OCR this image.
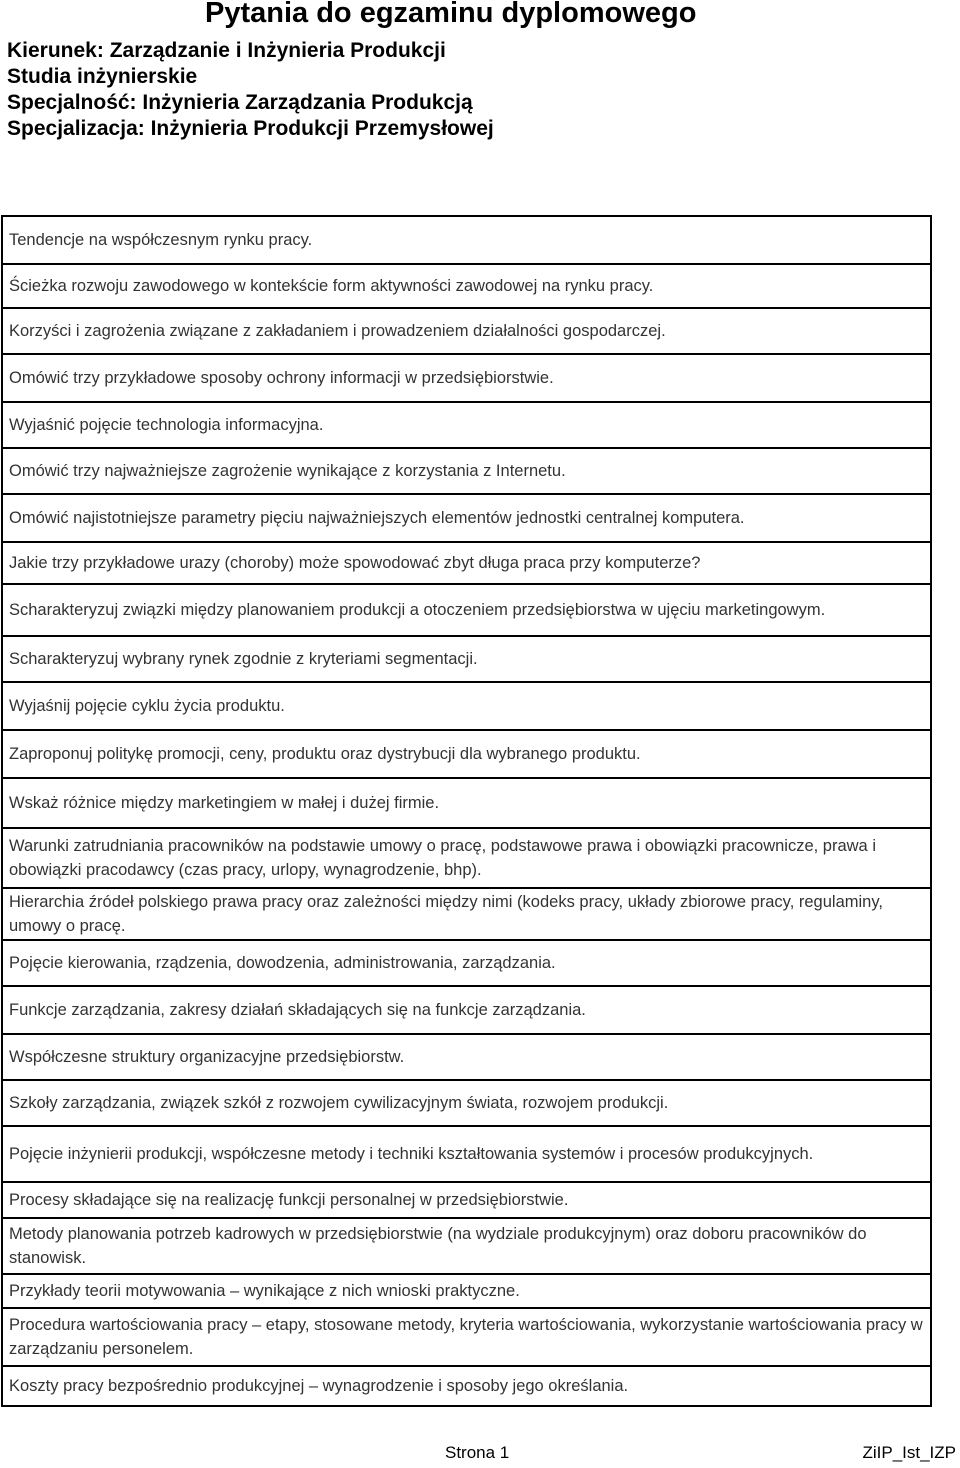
Pytania do egzaminu dyplomowego
Kierunek: Zarządzanie i Inżynieria Produkcji
Studia inżynierskie
Specjalność: Inżynieria Zarządzania Produkcją
Specjalizacja: Inżynieria Produkcji Przemysłowej
Tendencje na współczesnym rynku pracy.
Ścieżka rozwoju zawodowego w kontekście form aktywności zawodowej na rynku pracy.
Korzyści i zagrożenia związane z zakładaniem i prowadzeniem działalności gospodarczej.
Omówić trzy przykładowe sposoby ochrony informacji w przedsiębiorstwie.
Wyjaśnić pojęcie technologia informacyjna.
Omówić trzy najważniejsze zagrożenie wynikające z korzystania z Internetu.
Omówić najistotniejsze parametry pięciu najważniejszych elementów jednostki centralnej komputera.
Jakie trzy przykładowe urazy (choroby) może spowodować zbyt długa praca przy komputerze?
Scharakteryzuj związki między planowaniem produkcji a otoczeniem przedsiębiorstwa w ujęciu marketingowym.
Scharakteryzuj wybrany rynek zgodnie z kryteriami segmentacji.
Wyjaśnij pojęcie cyklu życia produktu.
Zaproponuj politykę promocji, ceny, produktu oraz dystrybucji dla wybranego produktu.
Wskaż różnice między marketingiem w małej i dużej firmie.
Warunki zatrudniania pracowników na podstawie umowy o pracę, podstawowe prawa i obowiązki pracownicze, prawa i obowiązki pracodawcy (czas pracy, urlopy, wynagrodzenie, bhp).
Hierarchia źródeł polskiego prawa pracy oraz zależności między nimi (kodeks pracy, układy zbiorowe pracy, regulaminy, umowy o pracę.
Pojęcie kierowania, rządzenia, dowodzenia, administrowania, zarządzania.
Funkcje zarządzania, zakresy działań składających się na funkcje zarządzania.
Współczesne struktury organizacyjne przedsiębiorstw.
Szkoły zarządzania, związek szkół z rozwojem cywilizacyjnym świata, rozwojem produkcji.
Pojęcie inżynierii produkcji, współczesne metody i techniki kształtowania systemów i procesów produkcyjnych.
Procesy składające się na realizację funkcji personalnej w przedsiębiorstwie.
Metody planowania potrzeb kadrowych w przedsiębiorstwie (na wydziale produkcyjnym) oraz doboru pracowników do stanowisk.
Przykłady teorii motywowania – wynikające z nich wnioski praktyczne.
Procedura wartościowania pracy – etapy, stosowane metody, kryteria wartościowania, wykorzystanie wartościowania pracy w zarządzaniu personelem.
Koszty pracy bezpośrednio produkcyjnej – wynagrodzenie i sposoby jego określania.
Strona 1	ZiIP_Ist_IZP
